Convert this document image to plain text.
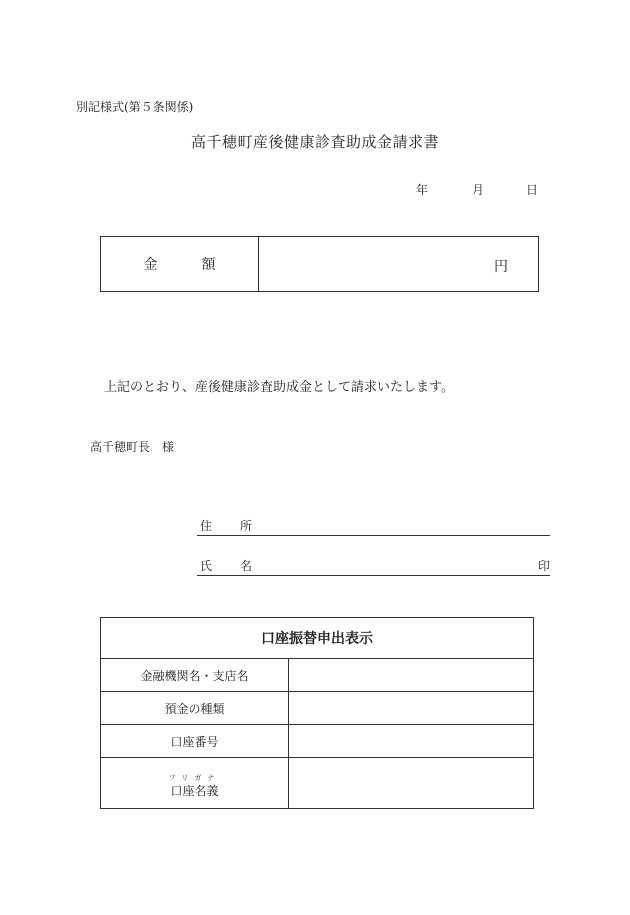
別記様式(第５条関係)
高千穂町産後健康診査助成金請求書
年	月	日
金	額	円
上記のとおり、産後健康診査助成金として請求いたします。
高千穂町長　様
住 所
氏 名	印
口座振替申出表示	
金融機関名・支店名	
預金の種類	
口座番号	

フリガナ
口座名義	
